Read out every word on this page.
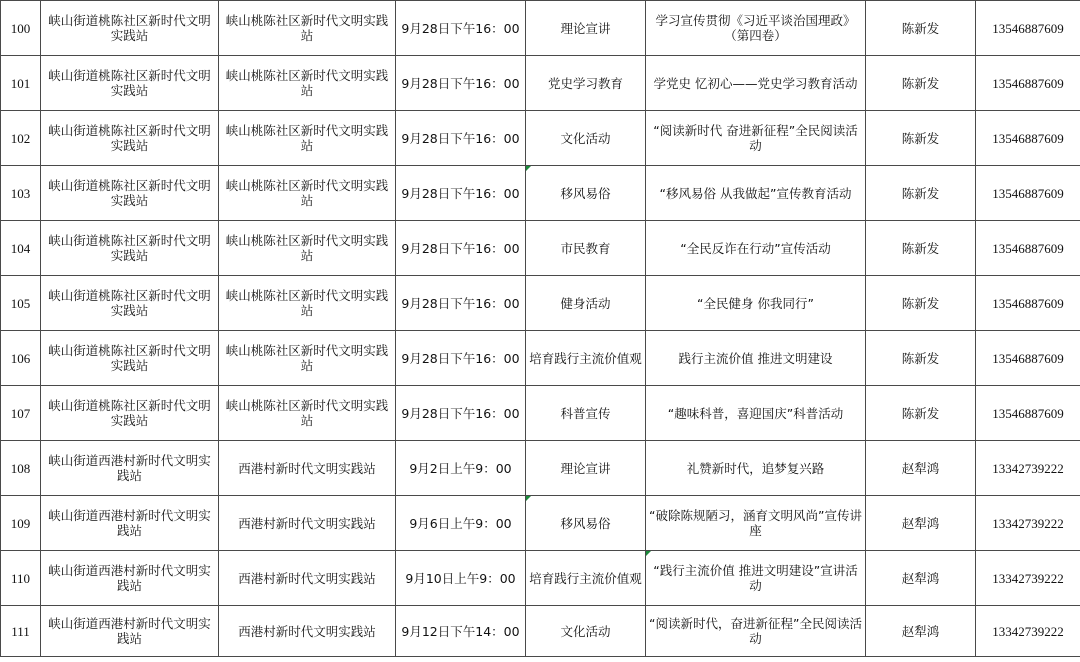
100	峡山街道桃陈社区新时代文明实践站	峡山桃陈社区新时代文明实践站	9月28日下午16：00	理论宣讲	学习宣传贯彻《习近平谈治国理政》（第四卷）	陈新发	13546887609
101	峡山街道桃陈社区新时代文明实践站	峡山桃陈社区新时代文明实践站	9月28日下午16：00	党史学习教育	学党史 忆初心——党史学习教育活动	陈新发	13546887609
102	峡山街道桃陈社区新时代文明实践站	峡山桃陈社区新时代文明实践站	9月28日下午16：00	文化活动	“阅读新时代 奋进新征程”全民阅读活动	陈新发	13546887609
103	峡山街道桃陈社区新时代文明实践站	峡山桃陈社区新时代文明实践站	9月28日下午16：00	移风易俗	“移风易俗 从我做起”宣传教育活动	陈新发	13546887609
104	峡山街道桃陈社区新时代文明实践站	峡山桃陈社区新时代文明实践站	9月28日下午16：00	市民教育	“全民反诈在行动”宣传活动	陈新发	13546887609
105	峡山街道桃陈社区新时代文明实践站	峡山桃陈社区新时代文明实践站	9月28日下午16：00	健身活动	“全民健身 你我同行”	陈新发	13546887609
106	峡山街道桃陈社区新时代文明实践站	峡山桃陈社区新时代文明实践站	9月28日下午16：00	培育践行主流价值观	践行主流价值 推进文明建设	陈新发	13546887609
107	峡山街道桃陈社区新时代文明实践站	峡山桃陈社区新时代文明实践站	9月28日下午16：00	科普宣传	“趣味科普，喜迎国庆”科普活动	陈新发	13546887609
108	峡山街道西港村新时代文明实践站	西港村新时代文明实践站	9月2日上午9：00	理论宣讲	礼赞新时代，追梦复兴路	赵犁鸿	13342739222
109	峡山街道西港村新时代文明实践站	西港村新时代文明实践站	9月6日上午9：00	移风易俗	“破除陈规陋习，涵育文明风尚”宣传讲座	赵犁鸿	13342739222
110	峡山街道西港村新时代文明实践站	西港村新时代文明实践站	9月10日上午9：00	培育践行主流价值观	“践行主流价值 推进文明建设”宣讲活动	赵犁鸿	13342739222
111	峡山街道西港村新时代文明实践站	西港村新时代文明实践站	9月12日下午14：00	文化活动	“阅读新时代，奋进新征程”全民阅读活动	赵犁鸿	13342739222
